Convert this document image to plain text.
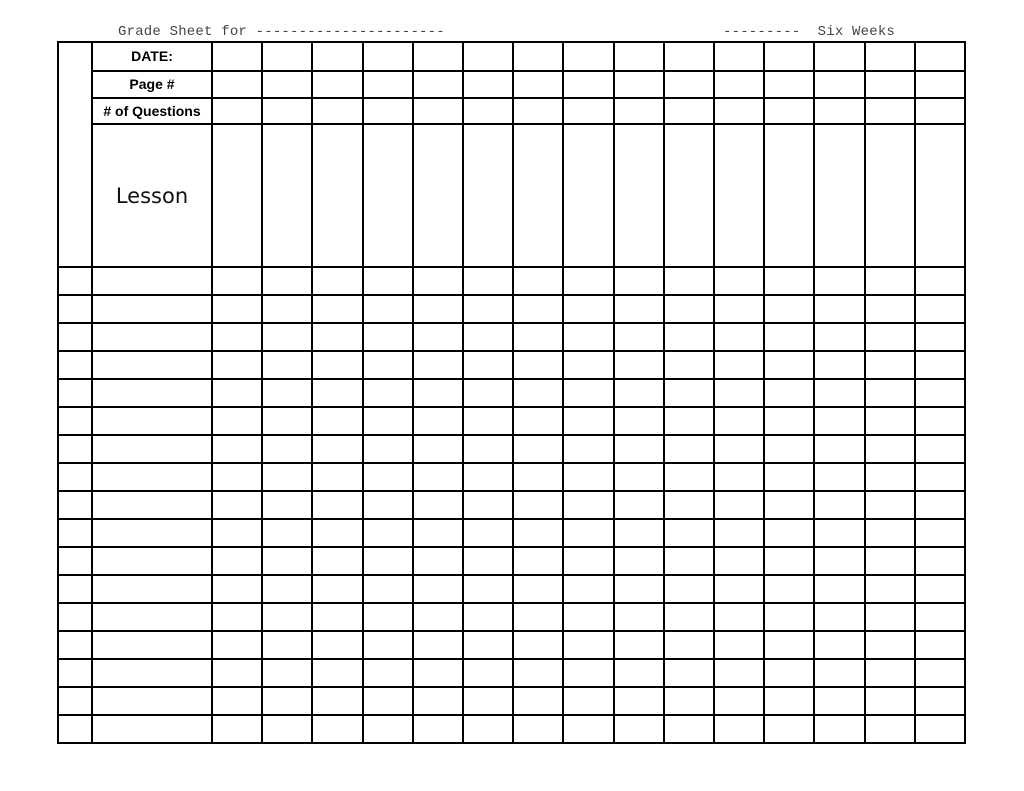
Grade Sheet for ----------------------	---------  Six Weeks
DATE:
Page #
# of Questions
Lesson
